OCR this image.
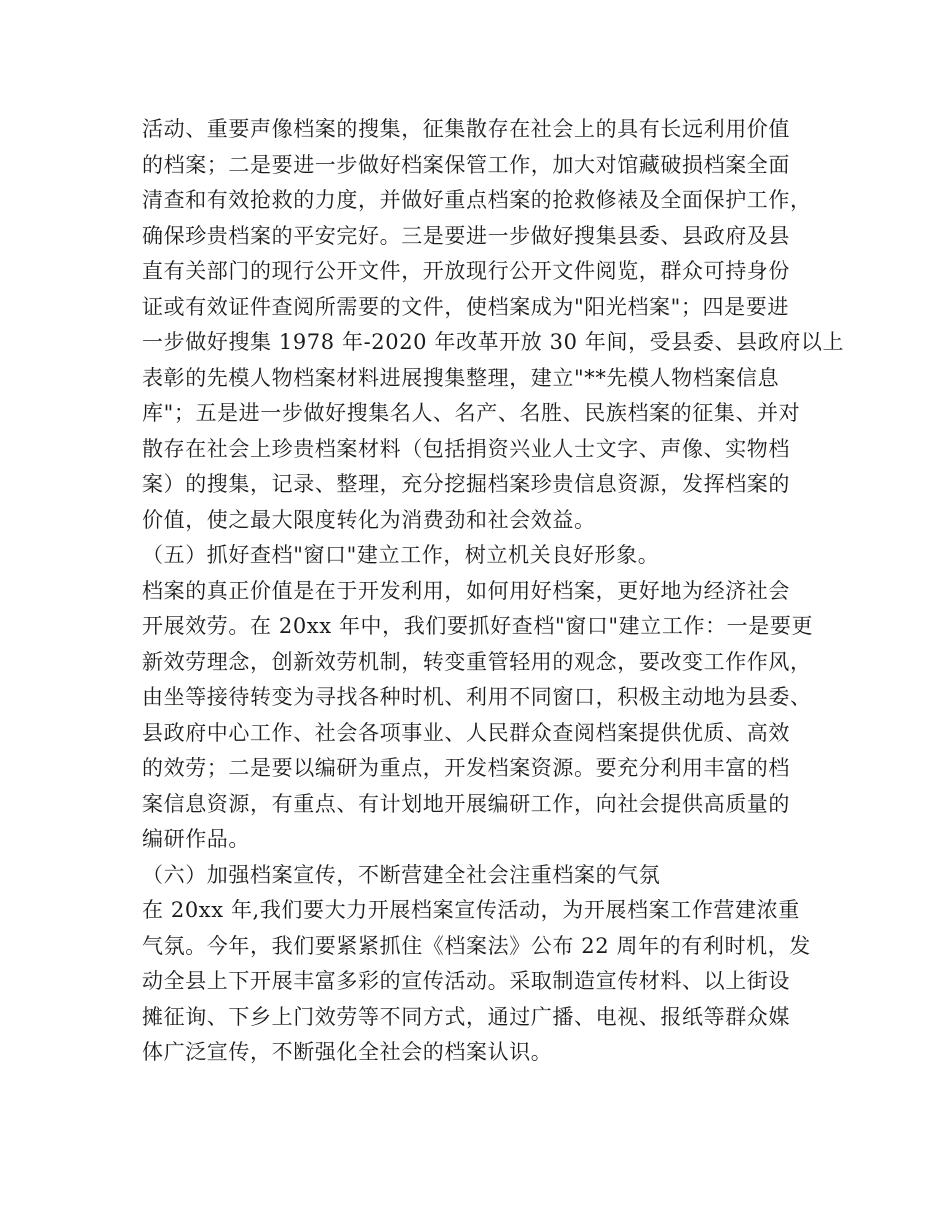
活动、重要声像档案的搜集，征集散存在社会上的具有长远利用价值
的档案；二是要进一步做好档案保管工作，加大对馆藏破损档案全面
清查和有效抢救的力度，并做好重点档案的抢救修裱及全面保护工作，
确保珍贵档案的平安完好。三是要进一步做好搜集县委、县政府及县
直有关部门的现行公开文件，开放现行公开文件阅览，群众可持身份
证或有效证件查阅所需要的文件，使档案成为"阳光档案"；四是要进
一步做好搜集 1978 年-2020 年改革开放 30 年间，受县委、县政府以上
表彰的先模人物档案材料进展搜集整理，建立"**先模人物档案信息
库"；五是进一步做好搜集名人、名产、名胜、民族档案的征集、并对
散存在社会上珍贵档案材料（包括捐资兴业人士文字、声像、实物档
案）的搜集，记录、整理，充分挖掘档案珍贵信息资源，发挥档案的
价值，使之最大限度转化为消费劲和社会效益。
（五）抓好查档"窗口"建立工作，树立机关良好形象。
档案的真正价值是在于开发利用，如何用好档案，更好地为经济社会
开展效劳。在 20xx 年中，我们要抓好查档"窗口"建立工作：一是要更
新效劳理念，创新效劳机制，转变重管轻用的观念，要改变工作作风，
由坐等接待转变为寻找各种时机、利用不同窗口，积极主动地为县委、
县政府中心工作、社会各项事业、人民群众查阅档案提供优质、高效
的效劳；二是要以编研为重点，开发档案资源。要充分利用丰富的档
案信息资源，有重点、有计划地开展编研工作，向社会提供高质量的
编研作品。
（六）加强档案宣传，不断营建全社会注重档案的气氛
在 20xx 年,我们要大力开展档案宣传活动，为开展档案工作营建浓重
气氛。今年，我们要紧紧抓住《档案法》公布 22 周年的有利时机，发
动全县上下开展丰富多彩的宣传活动。采取制造宣传材料、以上街设
摊征询、下乡上门效劳等不同方式，通过广播、电视、报纸等群众媒
体广泛宣传，不断强化全社会的档案认识。
